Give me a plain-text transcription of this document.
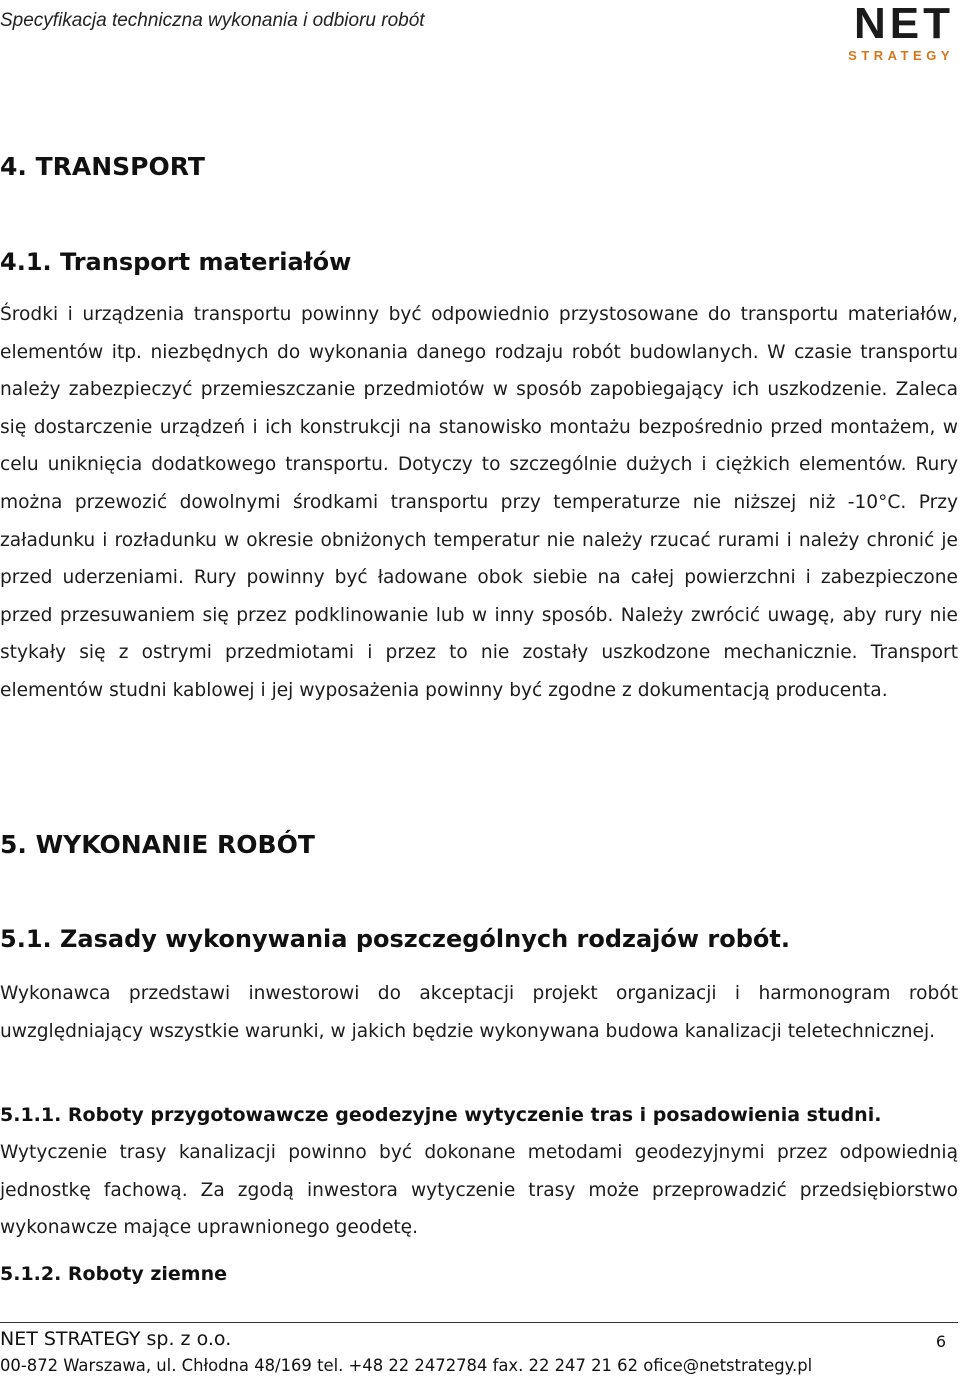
Specyfikacja techniczna wykonania i odbioru robót	NET
STRATEGY
4. TRANSPORT
4.1. Transport materiałów

Środki i urządzenia transportu powinny być odpowiednio przystosowane do transportu materiałów, elementów itp. niezbędnych do wykonania danego rodzaju robót budowlanych. W czasie transportu należy zabezpieczyć przemieszczanie przedmiotów w sposób zapobiegający ich uszkodzenie. Zaleca się dostarczenie urządzeń i ich konstrukcji na stanowisko montażu bezpośrednio przed montażem, w celu uniknięcia dodatkowego transportu. Dotyczy to szczególnie dużych i ciężkich elementów. Rury można przewozić dowolnymi środkami transportu przy temperaturze nie niższej niż -10°C. Przy załadunku i rozładunku w okresie obniżonych temperatur nie należy rzucać rurami i należy chronić je przed uderzeniami. Rury powinny być ładowane obok siebie na całej powierzchni i zabezpieczone przed przesuwaniem się przez podklinowanie lub w inny sposób. Należy zwrócić uwagę, aby rury nie stykały się z ostrymi przedmiotami i przez to nie zostały uszkodzone mechanicznie. Transport elementów studni kablowej i jej wyposażenia powinny być zgodne z dokumentacją producenta.

5. WYKONANIE ROBÓT
5.1. Zasady wykonywania poszczególnych rodzajów robót.

Wykonawca przedstawi inwestorowi do akceptacji projekt organizacji i harmonogram robót uwzględniający wszystkie warunki, w jakich będzie wykonywana budowa kanalizacji teletechnicznej.

5.1.1. Roboty przygotowawcze geodezyjne wytyczenie tras i posadowienia studni.

Wytyczenie trasy kanalizacji powinno być dokonane metodami geodezyjnymi przez odpowiednią jednostkę fachową. Za zgodą inwestora wytyczenie trasy może przeprowadzić przedsiębiorstwo wykonawcze mające uprawnionego geodetę.

5.1.2. Roboty ziemne
NET STRATEGY sp. z o.o.	6
00-872 Warszawa, ul. Chłodna 48/169 tel. +48 22 2472784 fax. 22 247 21 62 ofice@netstrategy.pl
